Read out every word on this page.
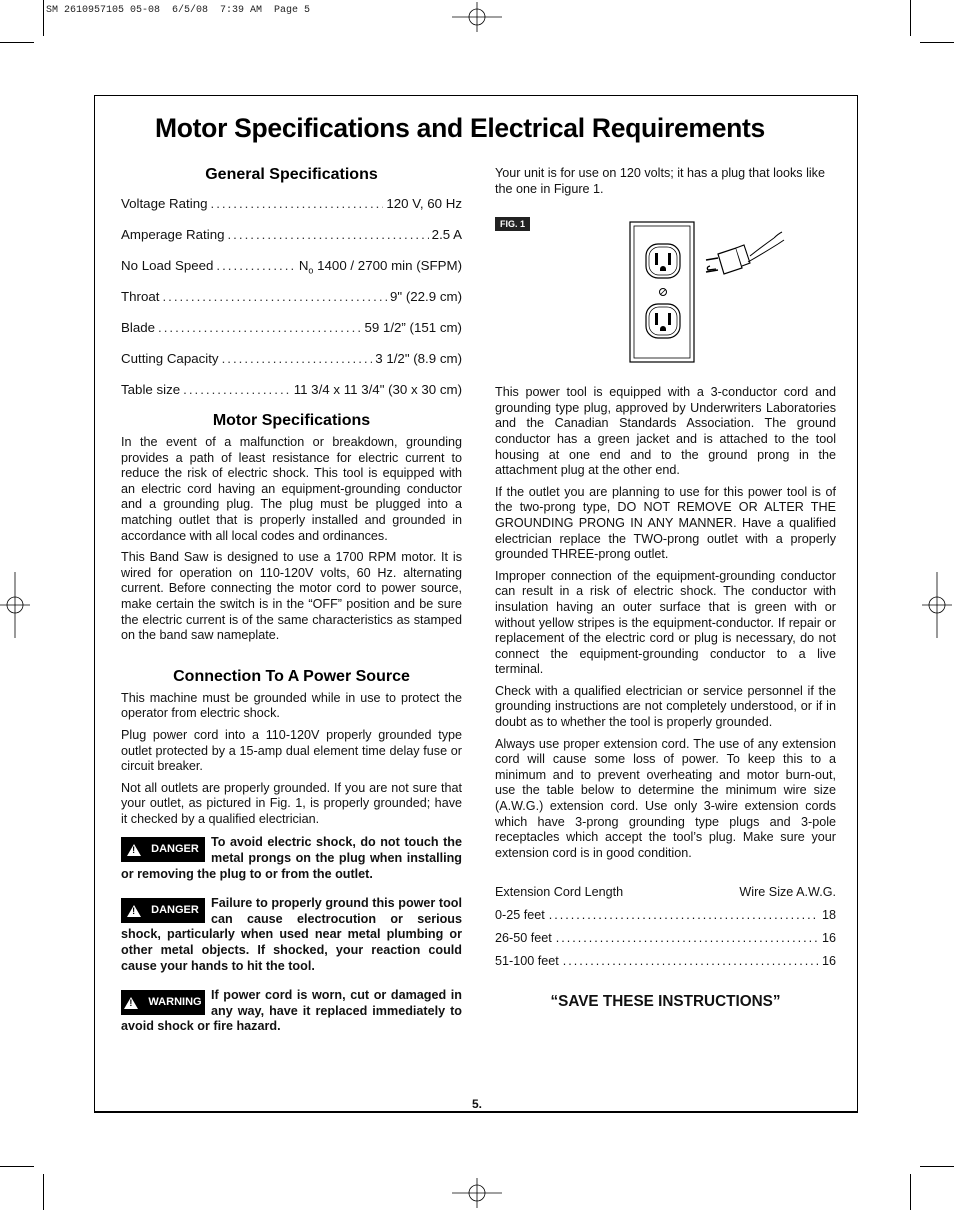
SM 2610957105 05-08  6/5/08  7:39 AM  Page 5
Motor Specifications and Electrical Requirements
General Specifications
Voltage Rating .....	120 V, 60 Hz
Amperage Rating .....	2.5 A
No Load Speed .....	$N_o$ 1400 / 2700 min (SFPM)
Throat .....	9" (22.9 cm)
Blade .....	59 1/2” (151 cm)
Cutting Capacity .....	3 1/2" (8.9 cm)
Table size .....	11 3/4 x 11 3/4" (30 x 30 cm)
Motor Specifications

In the event of a malfunction or breakdown, grounding provides a path of least resistance for electric current to reduce the risk of electric shock. This tool is equipped with an electric cord having an equipment-grounding conductor and a grounding plug. The plug must be plugged into a matching outlet that is properly installed and grounded in accordance with all local codes and ordinances.

This Band Saw is designed to use a 1700 RPM motor. It is wired for operation on 110-120V volts, 60 Hz. alternating current. Before connecting the motor cord to power source, make certain the switch is in the “OFF” position and be sure the electric current is of the same characteristics as stamped on the band saw nameplate.

Connection To A Power Source

This machine must be grounded while in use to protect the operator from electric shock.

Plug power cord into a 110-120V properly grounded type outlet protected by a 15-amp dual element time delay fuse or circuit breaker.

Not all outlets are properly grounded. If you are not sure that your outlet, as pictured in Fig. 1, is properly grounded; have it checked by a qualified electrician.

! DANGER To avoid electric shock, do not touch the metal prongs on the plug when installing or removing the plug to or from the outlet.
! DANGER Failure to properly ground this power tool can cause electrocution or serious shock, particularly when used near metal plumbing or other metal objects. If shocked, your reaction could cause your hands to hit the tool.
! WARNING If power cord is worn, cut or damaged in any way, have it replaced immediately to avoid shock or fire hazard.

Your unit is for use on 120 volts; it has a plug that looks like the one in Figure 1.

FIG. 1

This power tool is equipped with a 3-conductor cord and grounding type plug, approved by Underwriters Laboratories and the Canadian Standards Association. The ground conductor has a green jacket and is attached to the tool housing at one end and to the ground prong in the attachment plug at the other end.

If the outlet you are planning to use for this power tool is of the two-prong type, DO NOT REMOVE OR ALTER THE GROUNDING PRONG IN ANY MANNER. Have a qualified electrician replace the TWO-prong outlet with a properly grounded THREE-prong outlet.

Improper connection of the equipment-grounding conductor can result in a risk of electric shock. The conductor with insulation having an outer surface that is green with or without yellow stripes is the equipment-conductor. If repair or replacement of the electric cord or plug is necessary, do not connect the equipment-grounding conductor to a live terminal.

Check with a qualified electrician or service personnel if the grounding instructions are not completely understood, or if in doubt as to whether the tool is properly grounded.

Always use proper extension cord. The use of any extension cord will cause some loss of power. To keep this to a minimum and to prevent overheating and motor burn-out, use the table below to determine the minimum wire size (A.W.G.) extension cord. Use only 3-wire extension cords which have 3-prong grounding type plugs and 3-pole receptacles which accept the tool’s plug. Make sure your extension cord is in good condition.

Extension Cord Length	Wire Size A.W.G.
0-25 feet .....	18
26-50 feet .....	16
51-100 feet .....	16
“SAVE THESE INSTRUCTIONS”
5.
